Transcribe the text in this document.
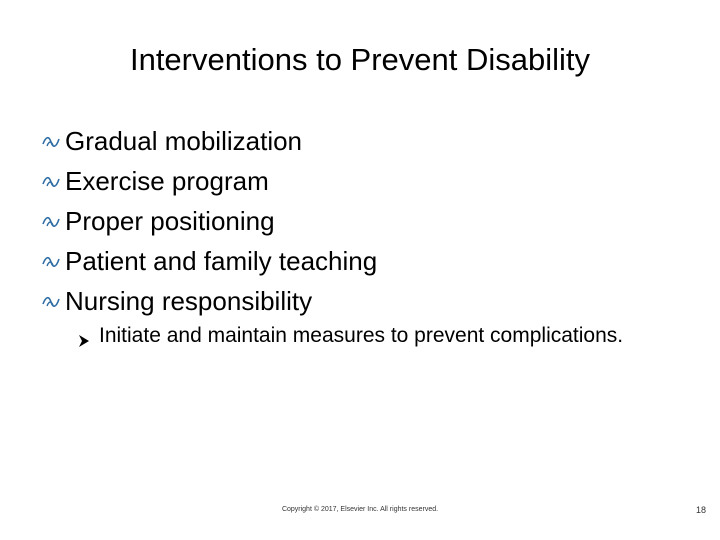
Interventions to Prevent Disability
Gradual mobilization
Exercise program
Proper positioning
Patient and family teaching
Nursing responsibility
Initiate and maintain measures to prevent complications.
Copyright © 2017, Elsevier Inc. All rights reserved.	18
